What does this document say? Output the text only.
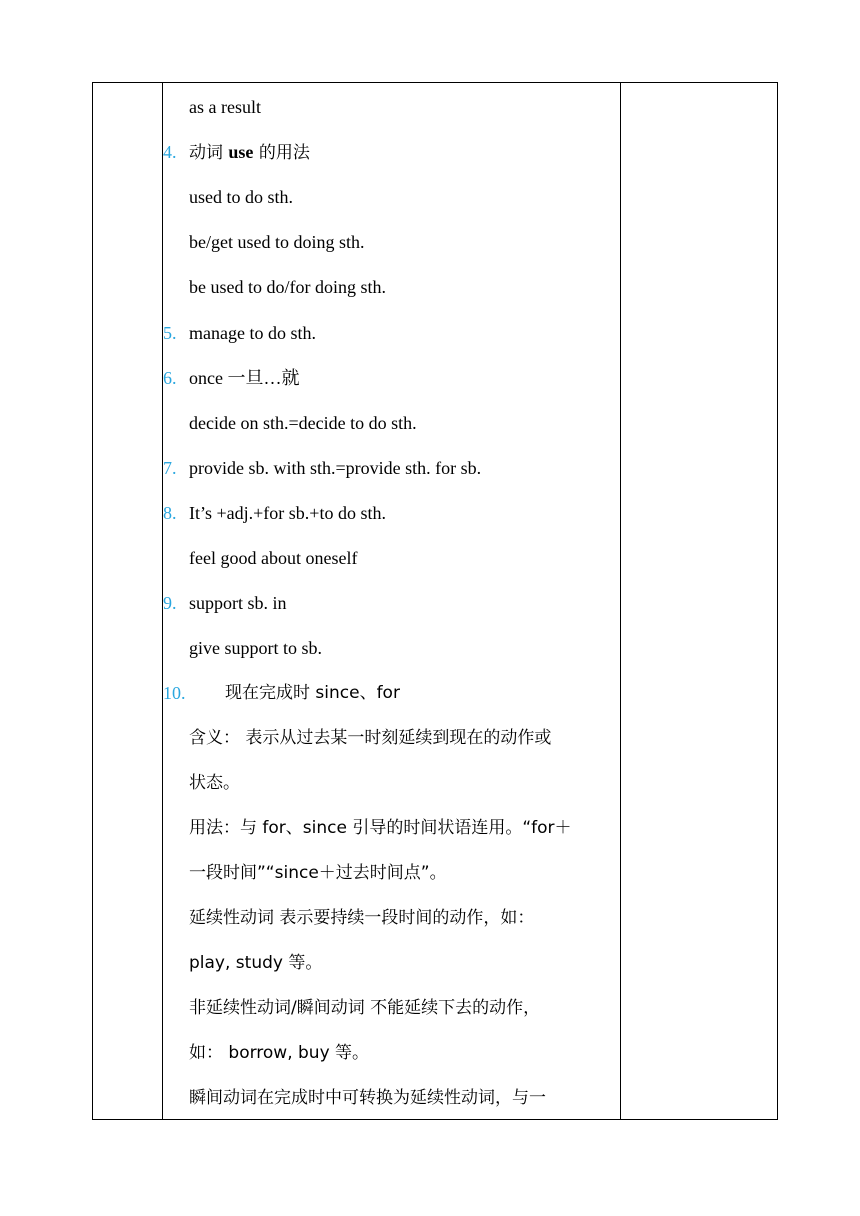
as a result
4. 动词 use 的用法
used to do sth.
be/get used to doing sth.
be used to do/for doing sth.
5. manage to do sth.
6. once 一旦…就
decide on sth.=decide to do sth.
7. provide sb. with sth.=provide sth. for sb.
8. It’s +adj.+for sb.+to do sth.
feel good about oneself
9. support sb. in
give support to sb.
10. 现在完成时 since、for
含义： 表示从过去某一时刻延续到现在的动作或
状态。
用法：与 for、since 引导的时间状语连用。“for＋
一段时间”“since＋过去时间点”。
延续性动词 表示要持续一段时间的动作，如：
play, study 等。
非延续性动词/瞬间动词 不能延续下去的动作，
如： borrow, buy 等。
瞬间动词在完成时中可转换为延续性动词，与一
